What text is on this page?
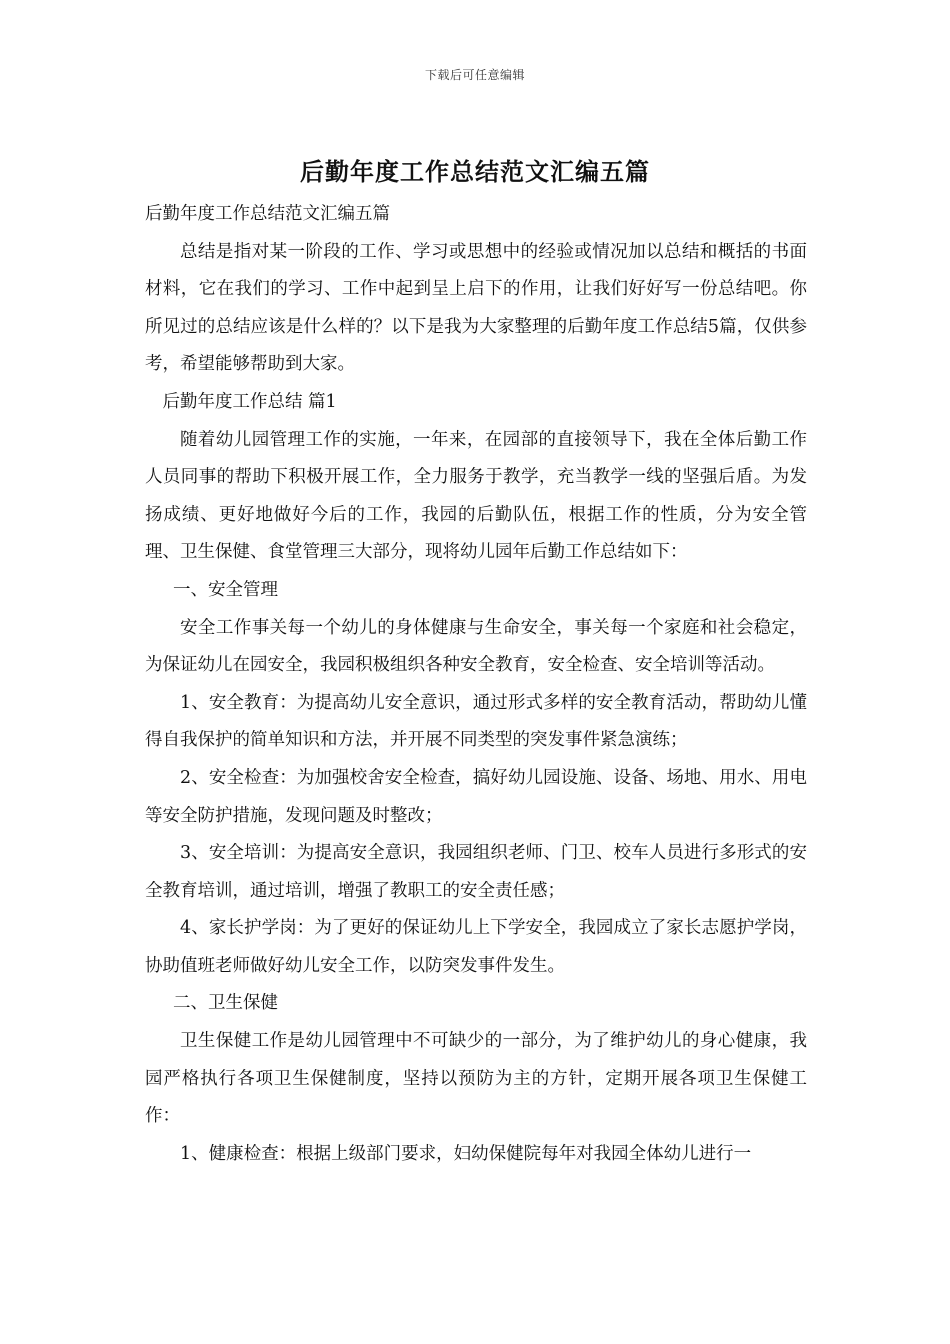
下载后可任意编辑
后勤年度工作总结范文汇编五篇

后勤年度工作总结范文汇编五篇

总结是指对某一阶段的工作、学习或思想中的经验或情况加以总结和概括的书面材料，它在我们的学习、工作中起到呈上启下的作用，让我们好好写一份总结吧。你所见过的总结应该是什么样的？以下是我为大家整理的后勤年度工作总结5篇，仅供参考，希望能够帮助到大家。

后勤年度工作总结 篇1

随着幼儿园管理工作的实施，一年来，在园部的直接领导下，我在全体后勤工作人员同事的帮助下积极开展工作，全力服务于教学，充当教学一线的坚强后盾。为发扬成绩、更好地做好今后的工作，我园的后勤队伍，根据工作的性质，分为安全管理、卫生保健、食堂管理三大部分，现将幼儿园年后勤工作总结如下：

一、安全管理

安全工作事关每一个幼儿的身体健康与生命安全，事关每一个家庭和社会稳定，为保证幼儿在园安全，我园积极组织各种安全教育，安全检查、安全培训等活动。

1、安全教育：为提高幼儿安全意识，通过形式多样的安全教育活动，帮助幼儿懂得自我保护的简单知识和方法，并开展不同类型的突发事件紧急演练；

2、安全检查：为加强校舍安全检查，搞好幼儿园设施、设备、场地、用水、用电等安全防护措施，发现问题及时整改；

3、安全培训：为提高安全意识，我园组织老师、门卫、校车人员进行多形式的安全教育培训，通过培训，增强了教职工的安全责任感；

4、家长护学岗：为了更好的保证幼儿上下学安全，我园成立了家长志愿护学岗，协助值班老师做好幼儿安全工作，以防突发事件发生。

二、卫生保健

卫生保健工作是幼儿园管理中不可缺少的一部分，为了维护幼儿的身心健康，我园严格执行各项卫生保健制度，坚持以预防为主的方针，定期开展各项卫生保健工作：

1、健康检查：根据上级部门要求，妇幼保健院每年对我园全体幼儿进行一
